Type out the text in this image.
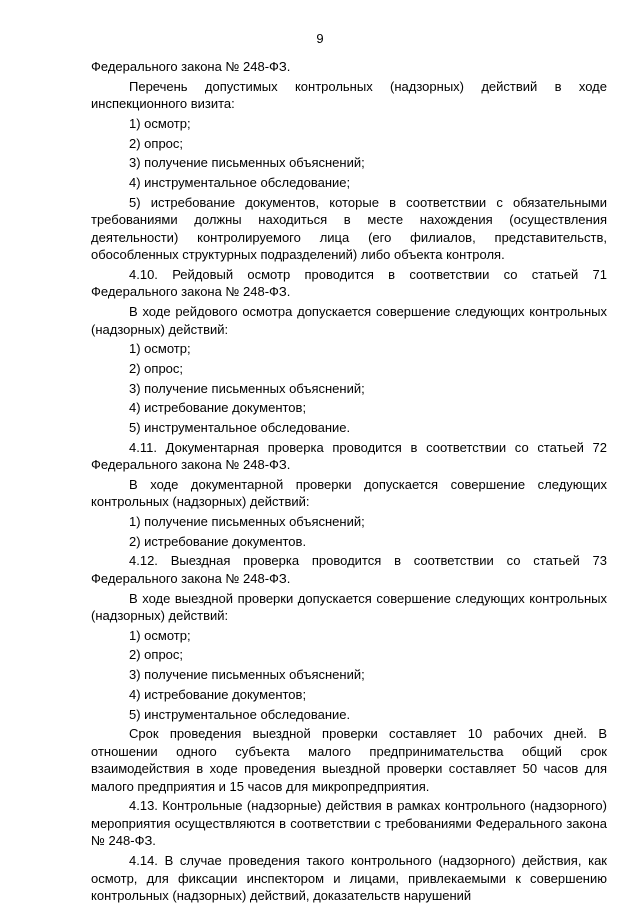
9

Федерального закона № 248-ФЗ.

Перечень допустимых контрольных (надзорных) действий в ходе инспекционного визита:

1) осмотр;

2) опрос;

3) получение письменных объяснений;

4) инструментальное обследование;

5) истребование документов, которые в соответствии с обязательными требованиями должны находиться в месте нахождения (осуществления деятельности) контролируемого лица (его филиалов, представительств, обособленных структурных подразделений) либо объекта контроля.

4.10. Рейдовый осмотр проводится в соответствии со статьей 71 Федерального закона № 248-ФЗ.

В ходе рейдового осмотра допускается совершение следующих контрольных (надзорных) действий:

1) осмотр;

2) опрос;

3) получение письменных объяснений;

4) истребование документов;

5) инструментальное обследование.

4.11. Документарная проверка проводится в соответствии со статьей 72 Федерального закона № 248-ФЗ.

В ходе документарной проверки допускается совершение следующих контрольных (надзорных) действий:

1) получение письменных объяснений;

2) истребование документов.

4.12. Выездная проверка проводится в соответствии со статьей 73 Федерального закона № 248-ФЗ.

В ходе выездной проверки допускается совершение следующих контрольных (надзорных) действий:

1) осмотр;

2) опрос;

3) получение письменных объяснений;

4) истребование документов;

5) инструментальное обследование.

Срок проведения выездной проверки составляет 10 рабочих дней. В отношении одного субъекта малого предпринимательства общий срок взаимодействия в ходе проведения выездной проверки составляет 50 часов для малого предприятия и 15 часов для микропредприятия.

4.13. Контрольные (надзорные) действия в рамках контрольного (надзорного) мероприятия осуществляются в соответствии с требованиями Федерального закона № 248-ФЗ.

4.14. В случае проведения такого контрольного (надзорного) действия, как осмотр, для фиксации инспектором и лицами, привлекаемыми к совершению контрольных (надзорных) действий, доказательств нарушений
